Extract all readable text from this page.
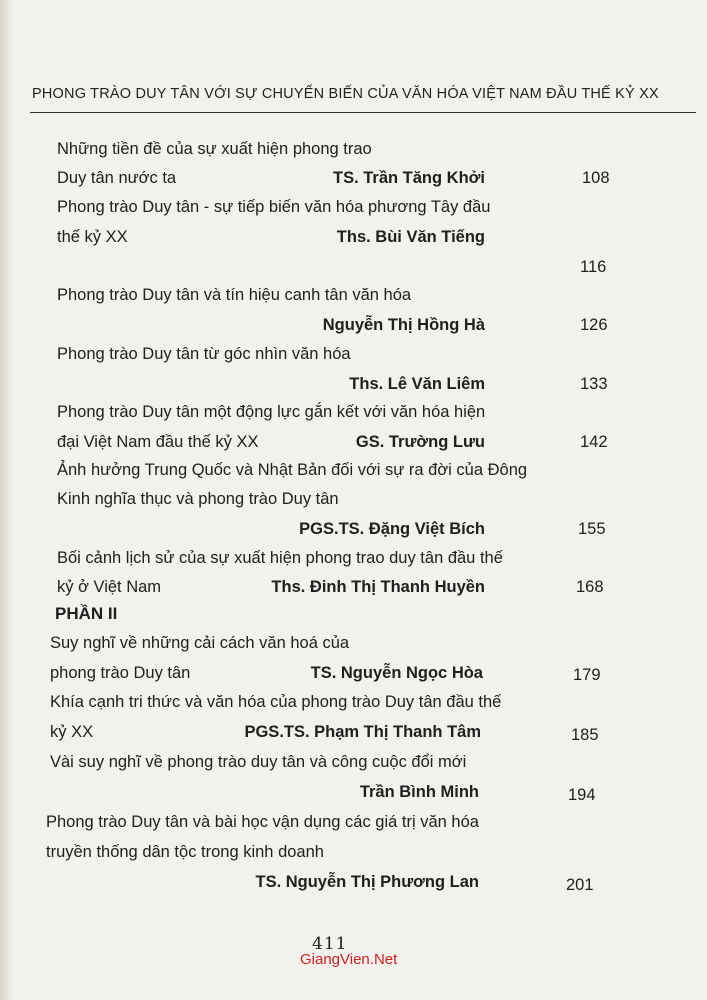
PHONG TRÀO DUY TÂN VỚI SỰ CHUYỂN BIẾN CỦA VĂN HÓA VIỆT NAM ĐẦU THẾ KỶ XX
Những tiền đề của sự xuất hiện phong trao
Duy tân nước ta	TS. Trần Tăng Khởi	108
Phong trào Duy tân - sự tiếp biến văn hóa phương Tây đầu
thế kỷ XX	Ths. Bùi Văn Tiếng
116
Phong trào Duy tân và tín hiệu canh tân văn hóa
Nguyễn Thị Hồng Hà	126
Phong trào Duy tân từ góc nhìn văn hóa
Ths. Lê Văn Liêm	133
Phong trào Duy tân một động lực gắn kết với văn hóa hiện
đại Việt Nam đầu thế kỷ XX	GS. Trường Lưu	142
Ảnh hưởng Trung Quốc và Nhật Bản đối với sự ra đời của Đông
Kinh nghĩa thục và phong trào Duy tân
PGS.TS. Đặng Việt Bích	155
Bối cảnh lịch sử của sự xuất hiện phong trao duy tân đầu thế
kỷ ở Việt Nam	Ths. Đinh Thị Thanh Huyền	168
PHẦN II
Suy nghĩ về những cải cách văn hoá của
phong trào Duy tân	TS. Nguyễn Ngọc Hòa	179
Khía cạnh tri thức và văn hóa của phong trào Duy tân đầu thế
kỷ XX	PGS.TS. Phạm Thị Thanh Tâm	185
Vài suy nghĩ về phong trào duy tân và công cuộc đổi mới
Trần Bình Minh	194
Phong trào Duy tân và bài học vận dụng các giá trị văn hóa
truyền thống dân tộc trong kinh doanh
TS. Nguyễn Thị Phương Lan	201
411
GiangVien.Net
